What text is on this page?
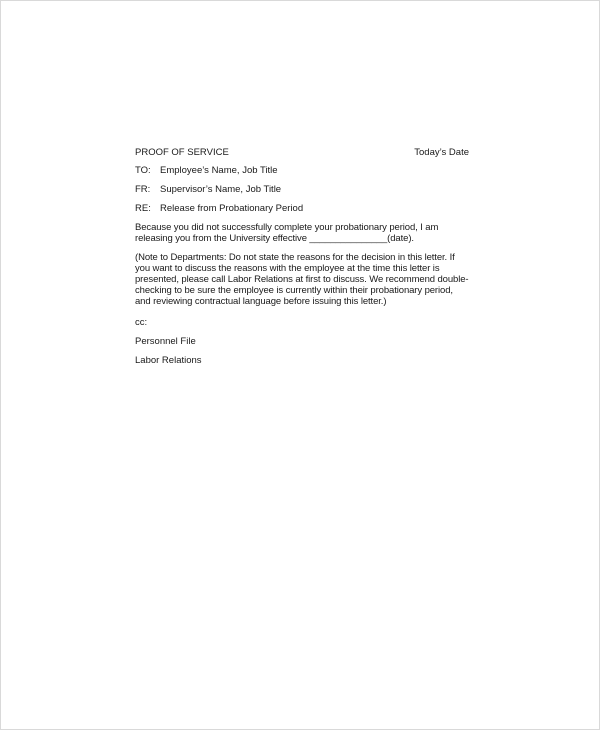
PROOF OF SERVICE	Today’s Date
TO: Employee’s Name, Job Title
FR:	Supervisor’s Name, Job Title
RE: Release from Probationary Period

Because you did not successfully complete your probationary period, I am releasing you from the University effective _______________(date).

(Note to Departments: Do not state the reasons for the decision in this letter. If you want to discuss the reasons with the employee at the time this letter is presented, please call Labor Relations at first to discuss. We recommend double-checking to be sure the employee is currently within their probationary period, and reviewing contractual language before issuing this letter.)

cc:
Personnel File
Labor Relations
